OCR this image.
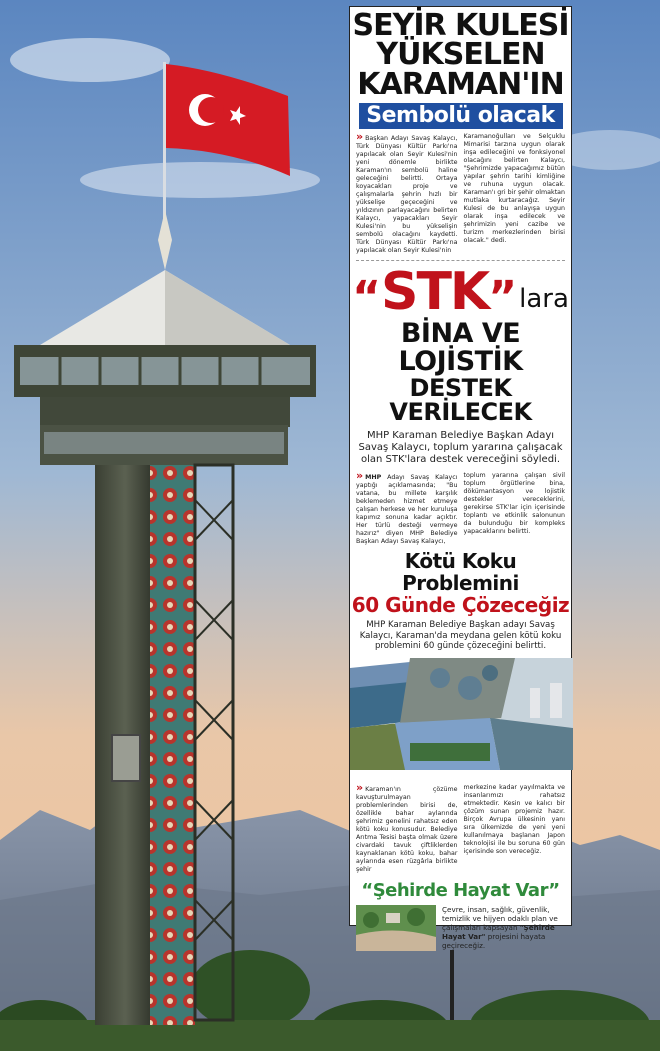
SEYİR KULESİ
YÜKSELEN
KARAMAN'IN
Sembolü olacak
» Başkan Adayı Savaş Kalaycı, Türk Dünyası Kültür Parkı'na yapılacak olan Seyir Kulesi'nin yeni dönemle birlikte Karaman'ın sembolü haline geleceğini belirtti. Ortaya koyacakları proje ve çalışmalarla şehrin hızlı bir yükselişe geçeceğini ve yıldızının parlayacağını belirten Kalaycı, yapacakları Seyir Kulesi'nin bu yükselişin sembolü olacağını kaydetti. Türk Dünyası Kültür Parkı'na yapılacak olan Seyir Kulesi'nin
Karamanoğulları ve Selçuklu Mimarisi tarzına uygun olarak inşa edileceğini ve fonksiyonel olacağını belirten Kalaycı, "Şehrimizde yapacağımız bütün yapılar şehrin tarihi kimliğine ve ruhuna uygun olacak. Karaman'ı gri bir şehir olmaktan mutlaka kurtaracağız. Seyir Kulesi de bu anlayışa uygun olarak inşa edilecek ve şehrimizin yeni cazibe ve turizm merkezlerinden birisi olacak." dedi.
“ STK ” lara
BİNA VE LOJİSTİK
DESTEK VERİLECEK
MHP Karaman Belediye Başkan Adayı Savaş Kalaycı, toplum yararına çalışacak olan STK'lara destek vereceğini söyledi.
» MHP Adayı Savaş Kalaycı yaptığı açıklamasında; "Bu vatana, bu millete karşılık beklemeden hizmet etmeye çalışan herkese ve her kuruluşa kapımız sonuna kadar açıktır. Her türlü desteği vermeye hazırız" diyen MHP Belediye Başkan Adayı Savaş Kalaycı,
toplum yararına çalışan sivil toplum örgütlerine bina, dökümantasyon ve lojistik destekler vereceklerini, gerekirse STK'lar için içerisinde toplantı ve etkinlik salonunun da bulunduğu bir kompleks yapacaklarını belirtti.
Kötü Koku Problemini
60 Günde Çözeceğiz
MHP Karaman Belediye Başkan adayı Savaş Kalaycı, Karaman'da meydana gelen kötü koku problemini 60 günde çözeceğini belirtti.
» Karaman'ın çözüme kavuşturulmayan problemlerinden birisi de, özellikle bahar aylarında şehrimiz genelini rahatsız eden kötü koku konusudur. Belediye Arıtma Tesisi başta olmak üzere civardaki tavuk çiftliklerden kaynaklanan kötü koku, bahar aylarında esen rüzgârla birlikte şehir
merkezine kadar yayılmakta ve insanlarımızı rahatsız etmektedir. Kesin ve kalıcı bir çözüm sunan projemiz hazır. Birçok Avrupa ülkesinin yanı sıra ülkemizde de yeni yeni kullanılmaya başlanan Japon teknolojisi ile bu soruna 60 gün içerisinde son vereceğiz.
“Şehirde Hayat Var”
Çevre, insan, sağlık, güvenlik, temizlik ve hijyen odaklı plan ve çalışmaları kapsayan "Şehirde Hayat Var" projesini hayata geçireceğiz.
